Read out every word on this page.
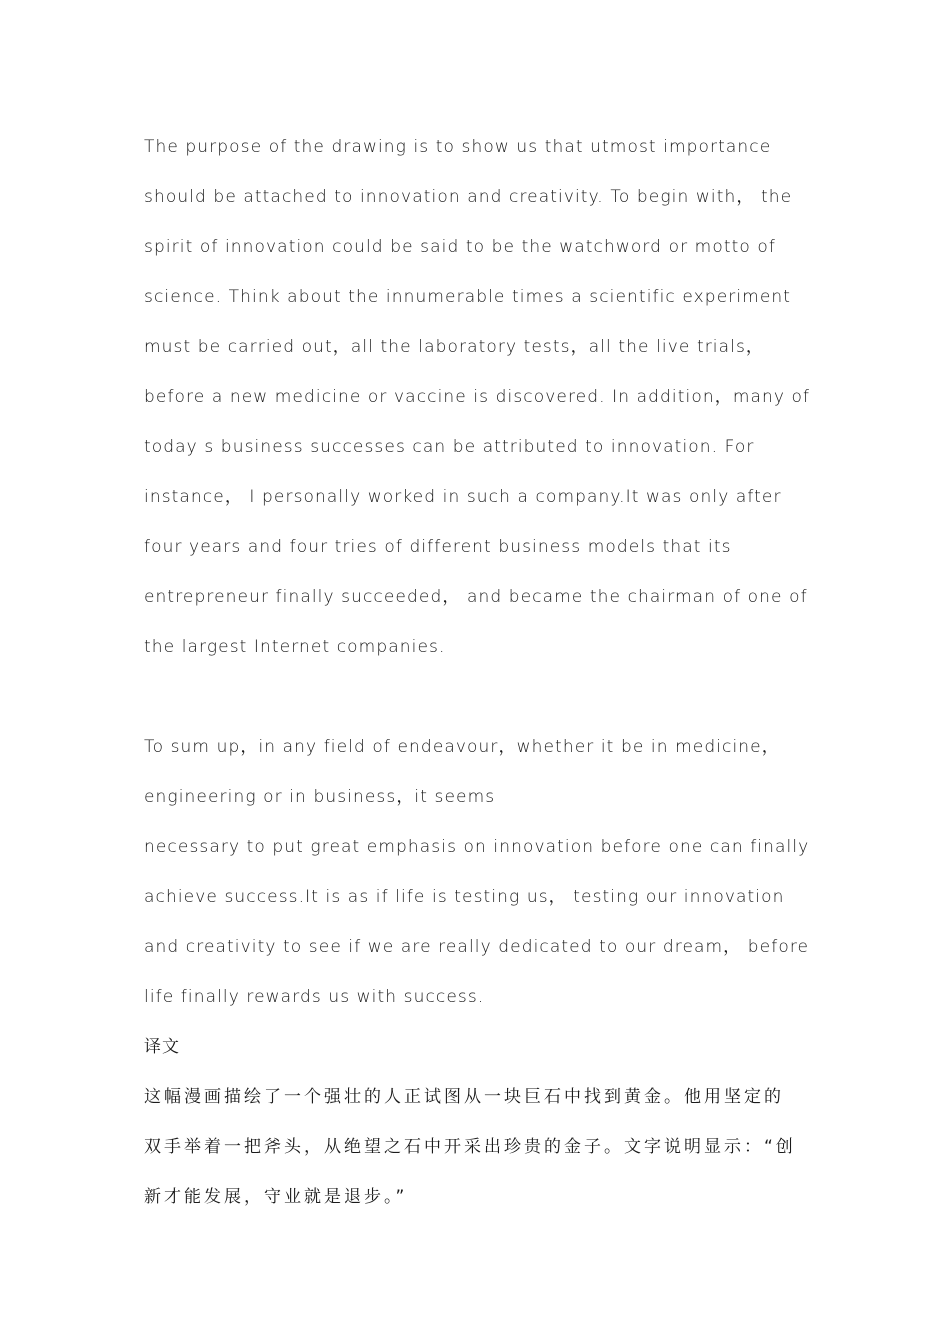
The purpose of the drawing is to show us that utmost importance
should be attached to innovation and creativity. To begin with， the
spirit of innovation could be said to be the watchword or motto of
science. Think about the innumerable times a scientific experiment
must be carried out，all the laboratory tests，all the live trials，
before a new medicine or vaccine is discovered. In addition，many of
today s business successes can be attributed to innovation. For
instance， I personally worked in such a company.It was only after
four years and four tries of different business models that its
entrepreneur finally succeeded， and became the chairman of one of
the largest Internet companies.
To sum up，in any field of endeavour，whether it be in medicine，
engineering or in business，it seems
necessary to put great emphasis on innovation before one can finally
achieve success.It is as if life is testing us， testing our innovation
and creativity to see if we are really dedicated to our dream， before
life finally rewards us with success.
译文
这幅漫画描绘了一个强壮的人正试图从一块巨石中找到黄金。他用坚定的
双手举着一把斧头，从绝望之石中开采出珍贵的金子。文字说明显示：“创
新才能发展，守业就是退步。”
